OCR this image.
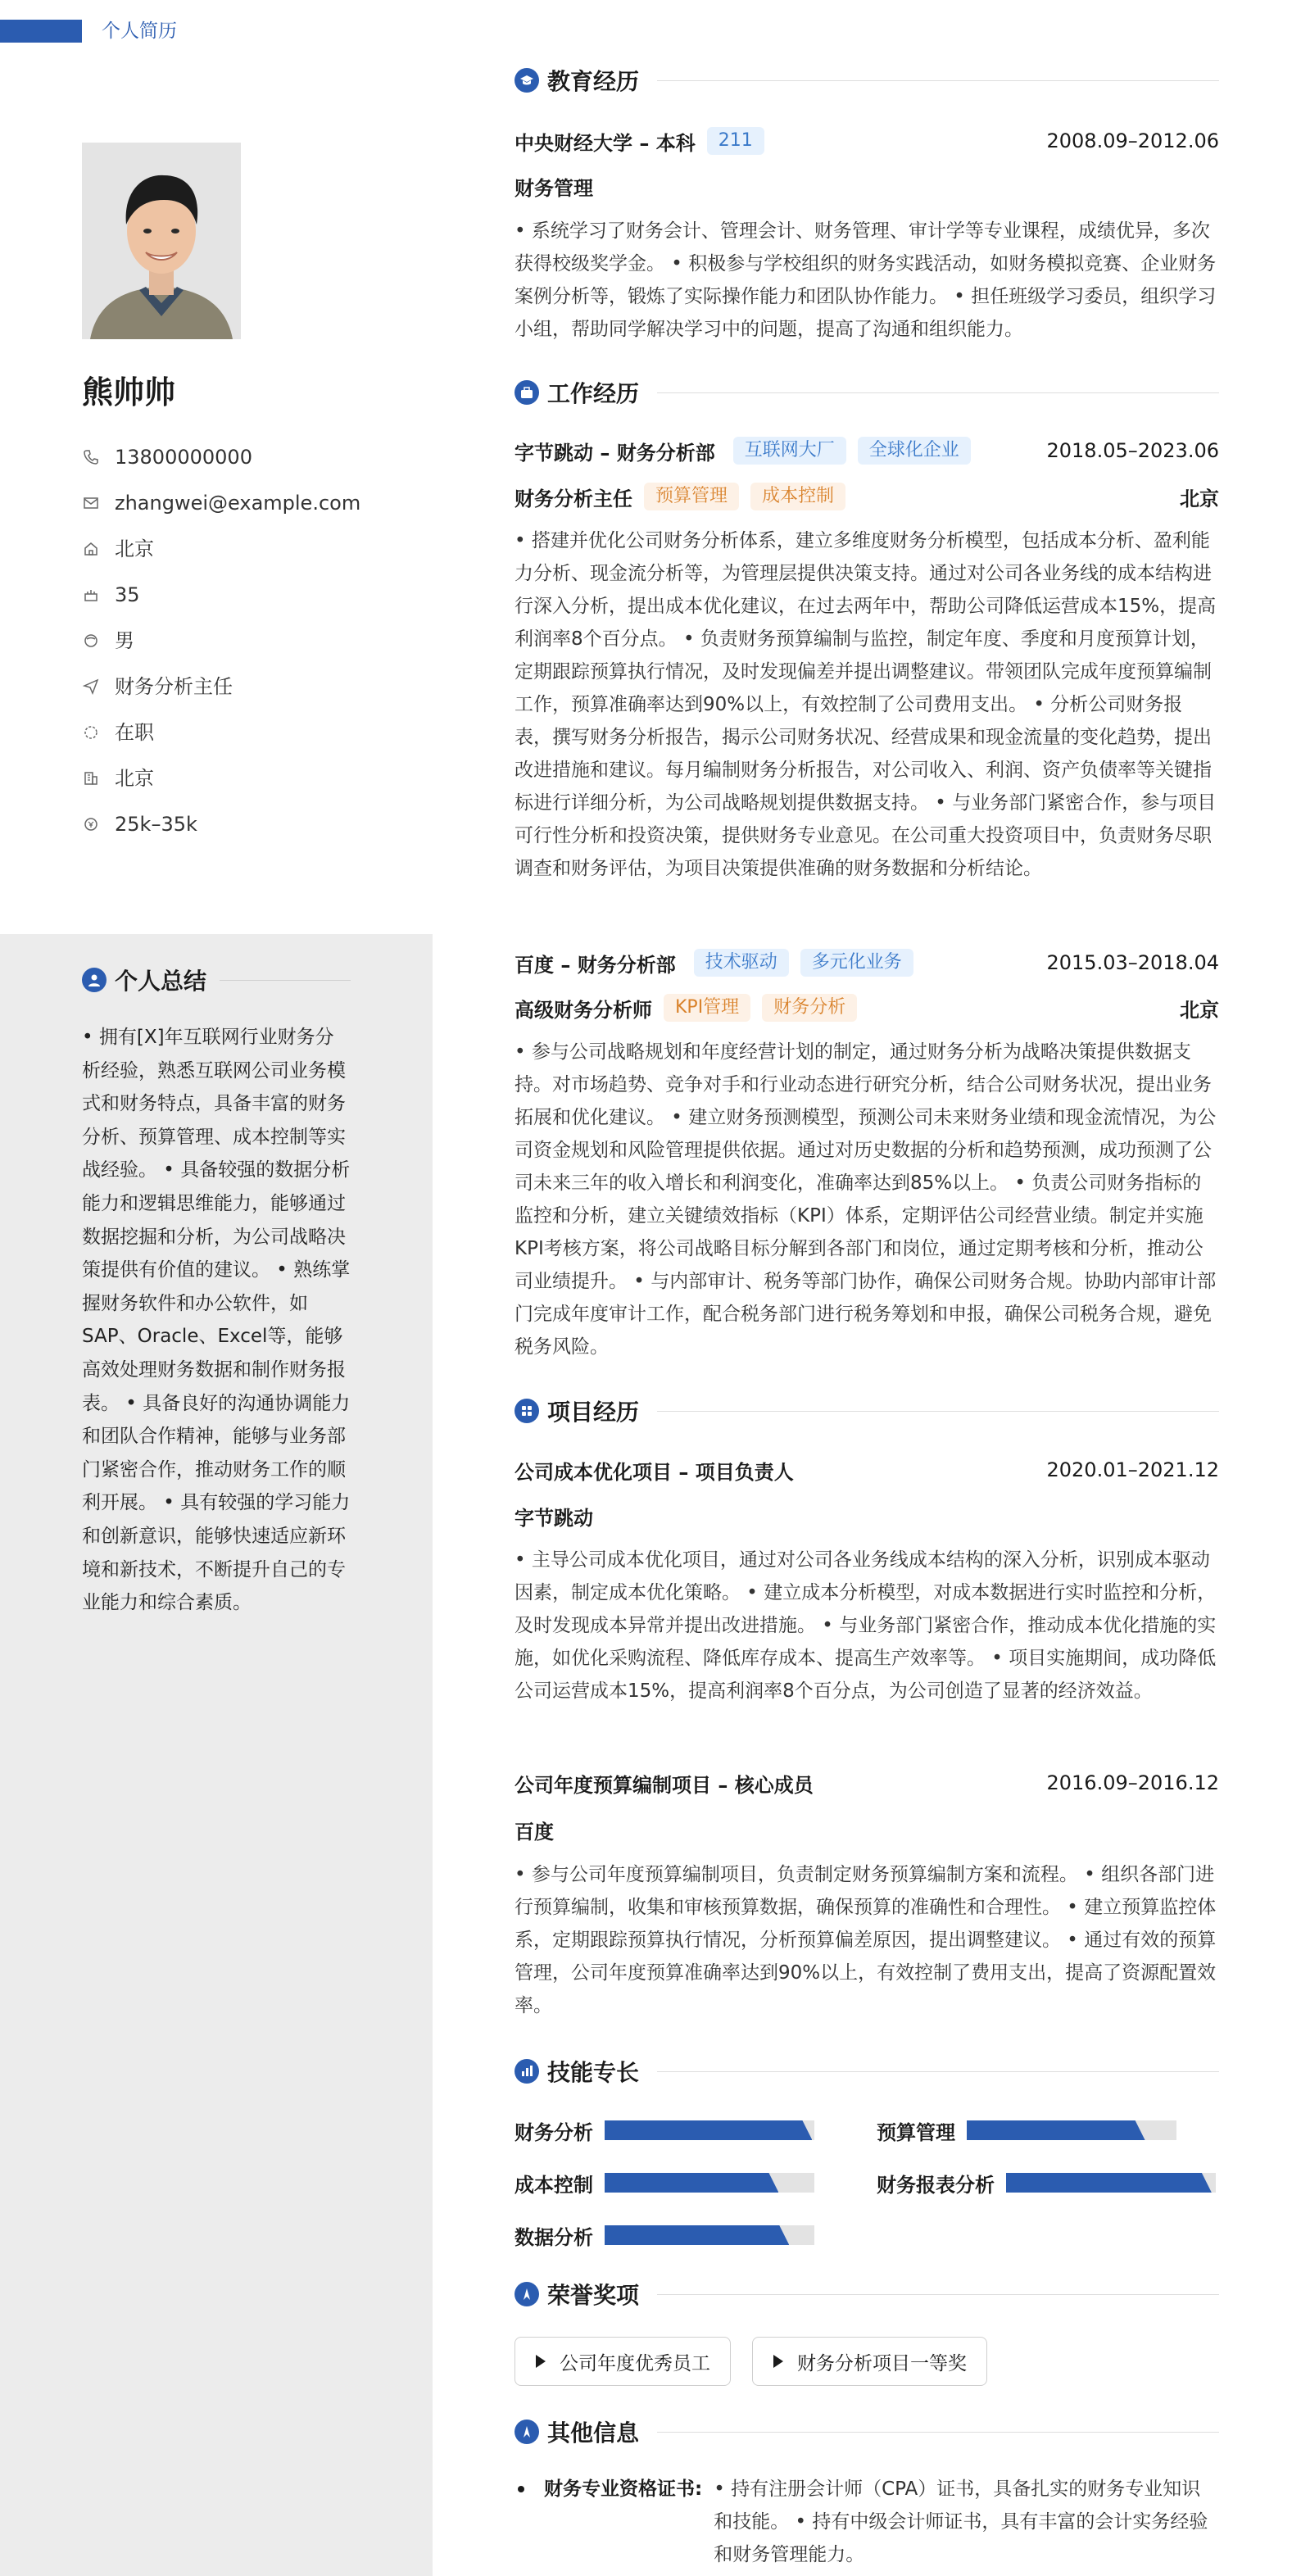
个人简历
熊帅帅
13800000000
zhangwei@example.com
北京
35
男
财务分析主任
在职
北京
25k–35k
个人总结
• 拥有[X]年互联网行业财务分析经验，熟悉互联网公司业务模式和财务特点，具备丰富的财务分析、预算管理、成本控制等实战经验。 • 具备较强的数据分析能力和逻辑思维能力，能够通过数据挖掘和分析，为公司战略决策提供有价值的建议。 • 熟练掌握财务软件和办公软件，如SAP、Oracle、Excel等，能够高效处理财务数据和制作财务报表。 • 具备良好的沟通协调能力和团队合作精神，能够与业务部门紧密合作，推动财务工作的顺利开展。 • 具有较强的学习能力和创新意识，能够快速适应新环境和新技术，不断提升自己的专业能力和综合素质。
教育经历
中央财经大学 – 本科	211	2008.09–2012.06
财务管理
• 系统学习了财务会计、管理会计、财务管理、审计学等专业课程，成绩优异，多次获得校级奖学金。 • 积极参与学校组织的财务实践活动，如财务模拟竞赛、企业财务案例分析等，锻炼了实际操作能力和团队协作能力。 • 担任班级学习委员，组织学习小组，帮助同学解决学习中的问题，提高了沟通和组织能力。
工作经历
字节跳动 – 财务分析部	互联网大厂	全球化企业	2018.05–2023.06
财务分析主任	预算管理	成本控制	北京
• 搭建并优化公司财务分析体系，建立多维度财务分析模型，包括成本分析、盈利能力分析、现金流分析等，为管理层提供决策支持。通过对公司各业务线的成本结构进行深入分析，提出成本优化建议，在过去两年中，帮助公司降低运营成本15%，提高利润率8个百分点。 • 负责财务预算编制与监控，制定年度、季度和月度预算计划，定期跟踪预算执行情况，及时发现偏差并提出调整建议。带领团队完成年度预算编制工作，预算准确率达到90%以上，有效控制了公司费用支出。 • 分析公司财务报表，撰写财务分析报告，揭示公司财务状况、经营成果和现金流量的变化趋势，提出改进措施和建议。每月编制财务分析报告，对公司收入、利润、资产负债率等关键指标进行详细分析，为公司战略规划提供数据支持。 • 与业务部门紧密合作，参与项目可行性分析和投资决策，提供财务专业意见。在公司重大投资项目中，负责财务尽职调查和财务评估，为项目决策提供准确的财务数据和分析结论。
百度 – 财务分析部	技术驱动	多元化业务	2015.03–2018.04
高级财务分析师	KPI管理	财务分析	北京
• 参与公司战略规划和年度经营计划的制定，通过财务分析为战略决策提供数据支持。对市场趋势、竞争对手和行业动态进行研究分析，结合公司财务状况，提出业务拓展和优化建议。 • 建立财务预测模型，预测公司未来财务业绩和现金流情况，为公司资金规划和风险管理提供依据。通过对历史数据的分析和趋势预测，成功预测了公司未来三年的收入增长和利润变化，准确率达到85%以上。 • 负责公司财务指标的监控和分析，建立关键绩效指标（KPI）体系，定期评估公司经营业绩。制定并实施KPI考核方案，将公司战略目标分解到各部门和岗位，通过定期考核和分析，推动公司业绩提升。 • 与内部审计、税务等部门协作，确保公司财务合规。协助内部审计部门完成年度审计工作，配合税务部门进行税务筹划和申报，确保公司税务合规，避免税务风险。
项目经历
公司成本优化项目 – 项目负责人	2020.01–2021.12
字节跳动
• 主导公司成本优化项目，通过对公司各业务线成本结构的深入分析，识别成本驱动因素，制定成本优化策略。 • 建立成本分析模型，对成本数据进行实时监控和分析，及时发现成本异常并提出改进措施。 • 与业务部门紧密合作，推动成本优化措施的实施，如优化采购流程、降低库存成本、提高生产效率等。 • 项目实施期间，成功降低公司运营成本15%，提高利润率8个百分点，为公司创造了显著的经济效益。
公司年度预算编制项目 – 核心成员	2016.09–2016.12
百度
• 参与公司年度预算编制项目，负责制定财务预算编制方案和流程。 • 组织各部门进行预算编制，收集和审核预算数据，确保预算的准确性和合理性。 • 建立预算监控体系，定期跟踪预算执行情况，分析预算偏差原因，提出调整建议。 • 通过有效的预算管理，公司年度预算准确率达到90%以上，有效控制了费用支出，提高了资源配置效率。
技能专长
财务分析	预算管理
成本控制	财务报表分析
数据分析
荣誉奖项
公司年度优秀员工	财务分析项目一等奖
其他信息
财务专业资格证书: • 持有注册会计师（CPA）证书，具备扎实的财务专业知识和技能。 • 持有中级会计师证书，具有丰富的会计实务经验和财务管理能力。
